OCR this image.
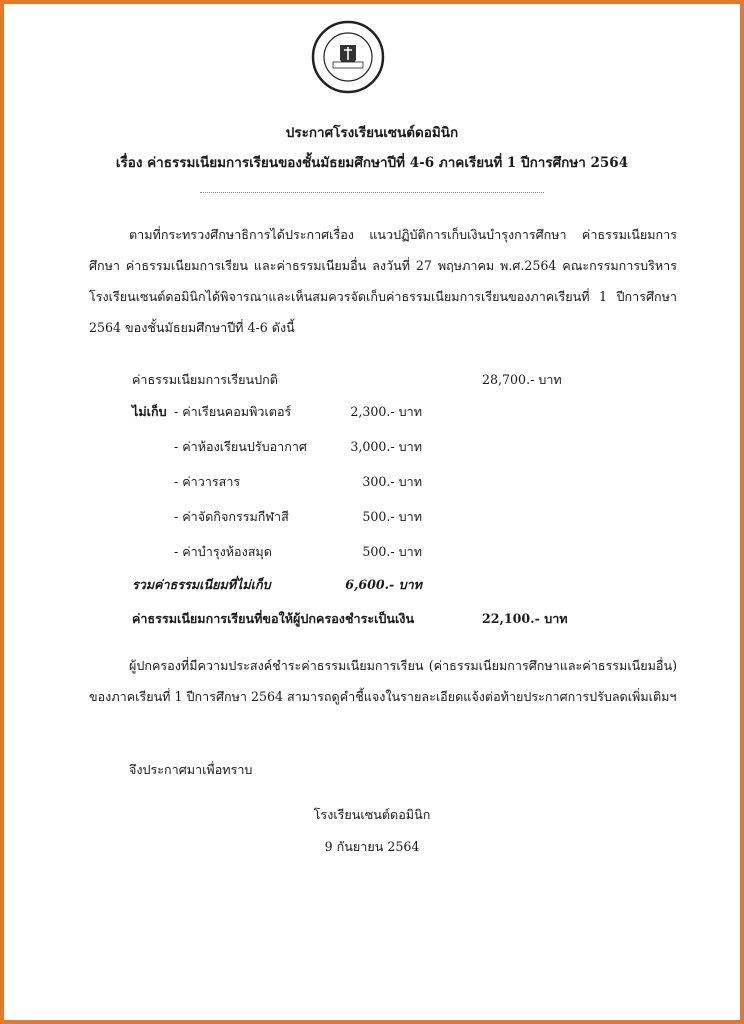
ประกาศโรงเรียนเซนต์ดอมินิก
เรื่อง ค่าธรรมเนียมการเรียนของชั้นมัธยมศึกษาปีที่ 4-6 ภาคเรียนที่ 1 ปีการศึกษา 2564

ตามที่กระทรวงศึกษาธิการได้ประกาศเรื่อง แนวปฏิบัติการเก็บเงินบำรุงการศึกษา ค่าธรรมเนียมการศึกษา ค่าธรรมเนียมการเรียน และค่าธรรมเนียมอื่น ลงวันที่ 27 พฤษภาคม พ.ศ.2564 คณะกรรมการบริหารโรงเรียนเซนต์ดอมินิกได้พิจารณาและเห็นสมควรจัดเก็บค่าธรรมเนียมการเรียนของภาคเรียนที่ 1 ปีการศึกษา 2564 ของชั้นมัธยมศึกษาปีที่ 4-6 ดังนี้

ค่าธรรมเนียมการเรียนปกติ	28,700.- บาท
ไม่เก็บ - ค่าเรียนคอมพิวเตอร์	2,300.- บาท
- ค่าห้องเรียนปรับอากาศ	3,000.- บาท
- ค่าวารสาร	300.- บาท
- ค่าจัดกิจกรรมกีฬาสี	500.- บาท
- ค่าบำรุงห้องสมุด	500.- บาท
รวมค่าธรรมเนียมที่ไม่เก็บ	6,600.- บาท
ค่าธรรมเนียมการเรียนที่ขอให้ผู้ปกครองชำระเป็นเงิน	22,100.- บาท

ผู้ปกครองที่มีความประสงค์ชำระค่าธรรมเนียมการเรียน (ค่าธรรมเนียมการศึกษาและค่าธรรมเนียมอื่น) ของภาคเรียนที่ 1 ปีการศึกษา 2564 สามารถดูคำชี้แจงในรายละเอียดแจ้งต่อท้ายประกาศการปรับลดเพิ่มเติมฯ

จึงประกาศมาเพื่อทราบ
โรงเรียนเซนต์ดอมินิก
9 กันยายน 2564
